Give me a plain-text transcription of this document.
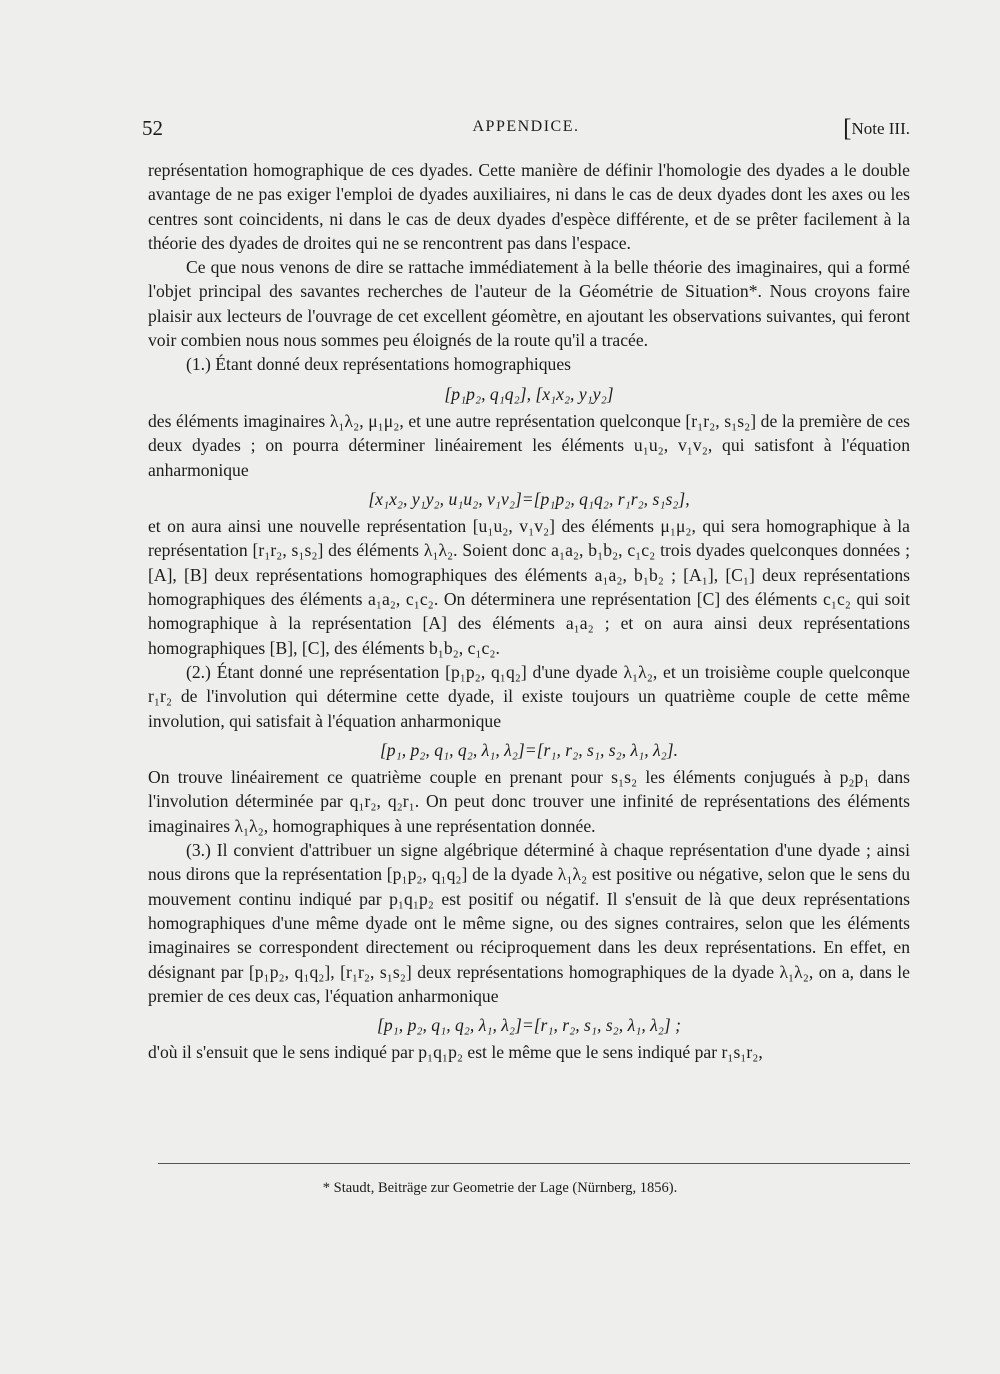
52	APPENDICE.	[Note III.

représentation homographique de ces dyades. Cette manière de définir l'homologie des dyades a le double avantage de ne pas exiger l'emploi de dyades auxiliaires, ni dans le cas de deux dyades dont les axes ou les centres sont coincidents, ni dans le cas de deux dyades d'espèce différente, et de se prêter facilement à la théorie des dyades de droites qui ne se rencontrent pas dans l'espace.

Ce que nous venons de dire se rattache immédiatement à la belle théorie des imaginaires, qui a formé l'objet principal des savantes recherches de l'auteur de la Géométrie de Situation*. Nous croyons faire plaisir aux lecteurs de l'ouvrage de cet excellent géomètre, en ajoutant les observations suivantes, qui feront voir combien nous nous sommes peu éloignés de la route qu'il a tracée.

(1.) Étant donné deux représentations homographiques

[p₁p₂, q₁q₂], [x₁x₂, y₁y₂]

des éléments imaginaires λ₁λ₂, μ₁μ₂, et une autre représentation quelconque [r₁r₂, s₁s₂] de la première de ces deux dyades ; on pourra déterminer linéairement les éléments u₁u₂, v₁v₂, qui satisfont à l'équation anharmonique

[x₁x₂, y₁y₂, u₁u₂, v₁v₂]=[p₁p₂, q₁q₂, r₁r₂, s₁s₂],

et on aura ainsi une nouvelle représentation [u₁u₂, v₁v₂] des éléments μ₁μ₂, qui sera homographique à la représentation [r₁r₂, s₁s₂] des éléments λ₁λ₂. Soient donc a₁a₂, b₁b₂, c₁c₂ trois dyades quelconques données ; [A], [B] deux représentations homographiques des éléments a₁a₂, b₁b₂ ; [A₁], [C₁] deux représentations homographiques des éléments a₁a₂, c₁c₂. On déterminera une représentation [C] des éléments c₁c₂ qui soit homographique à la représentation [A] des éléments a₁a₂ ; et on aura ainsi deux représentations homographiques [B], [C], des éléments b₁b₂, c₁c₂.

(2.) Étant donné une représentation [p₁p₂, q₁q₂] d'une dyade λ₁λ₂, et un troisième couple quelconque r₁r₂ de l'involution qui détermine cette dyade, il existe toujours un quatrième couple de cette même involution, qui satisfait à l'équation anharmonique

[p₁, p₂, q₁, q₂, λ₁, λ₂]=[r₁, r₂, s₁, s₂, λ₁, λ₂].

On trouve linéairement ce quatrième couple en prenant pour s₁s₂ les éléments conjugués à p₂p₁ dans l'involution déterminée par q₁r₂, q₂r₁. On peut donc trouver une infinité de représentations des éléments imaginaires λ₁λ₂, homographiques à une représentation donnée.

(3.) Il convient d'attribuer un signe algébrique déterminé à chaque représentation d'une dyade ; ainsi nous dirons que la représentation [p₁p₂, q₁q₂] de la dyade λ₁λ₂ est positive ou négative, selon que le sens du mouvement continu indiqué par p₁q₁p₂ est positif ou négatif. Il s'ensuit de là que deux représentations homographiques d'une même dyade ont le même signe, ou des signes contraires, selon que les éléments imaginaires se correspondent directement ou réciproquement dans les deux représentations. En effet, en désignant par [p₁p₂, q₁q₂], [r₁r₂, s₁s₂] deux représentations homographiques de la dyade λ₁λ₂, on a, dans le premier de ces deux cas, l'équation anharmonique

[p₁, p₂, q₁, q₂, λ₁, λ₂]=[r₁, r₂, s₁, s₂, λ₁, λ₂] ;

d'où il s'ensuit que le sens indiqué par p₁q₁p₂ est le même que le sens indiqué par r₁s₁r₂,

* Staudt, Beiträge zur Geometrie der Lage (Nürnberg, 1856).
